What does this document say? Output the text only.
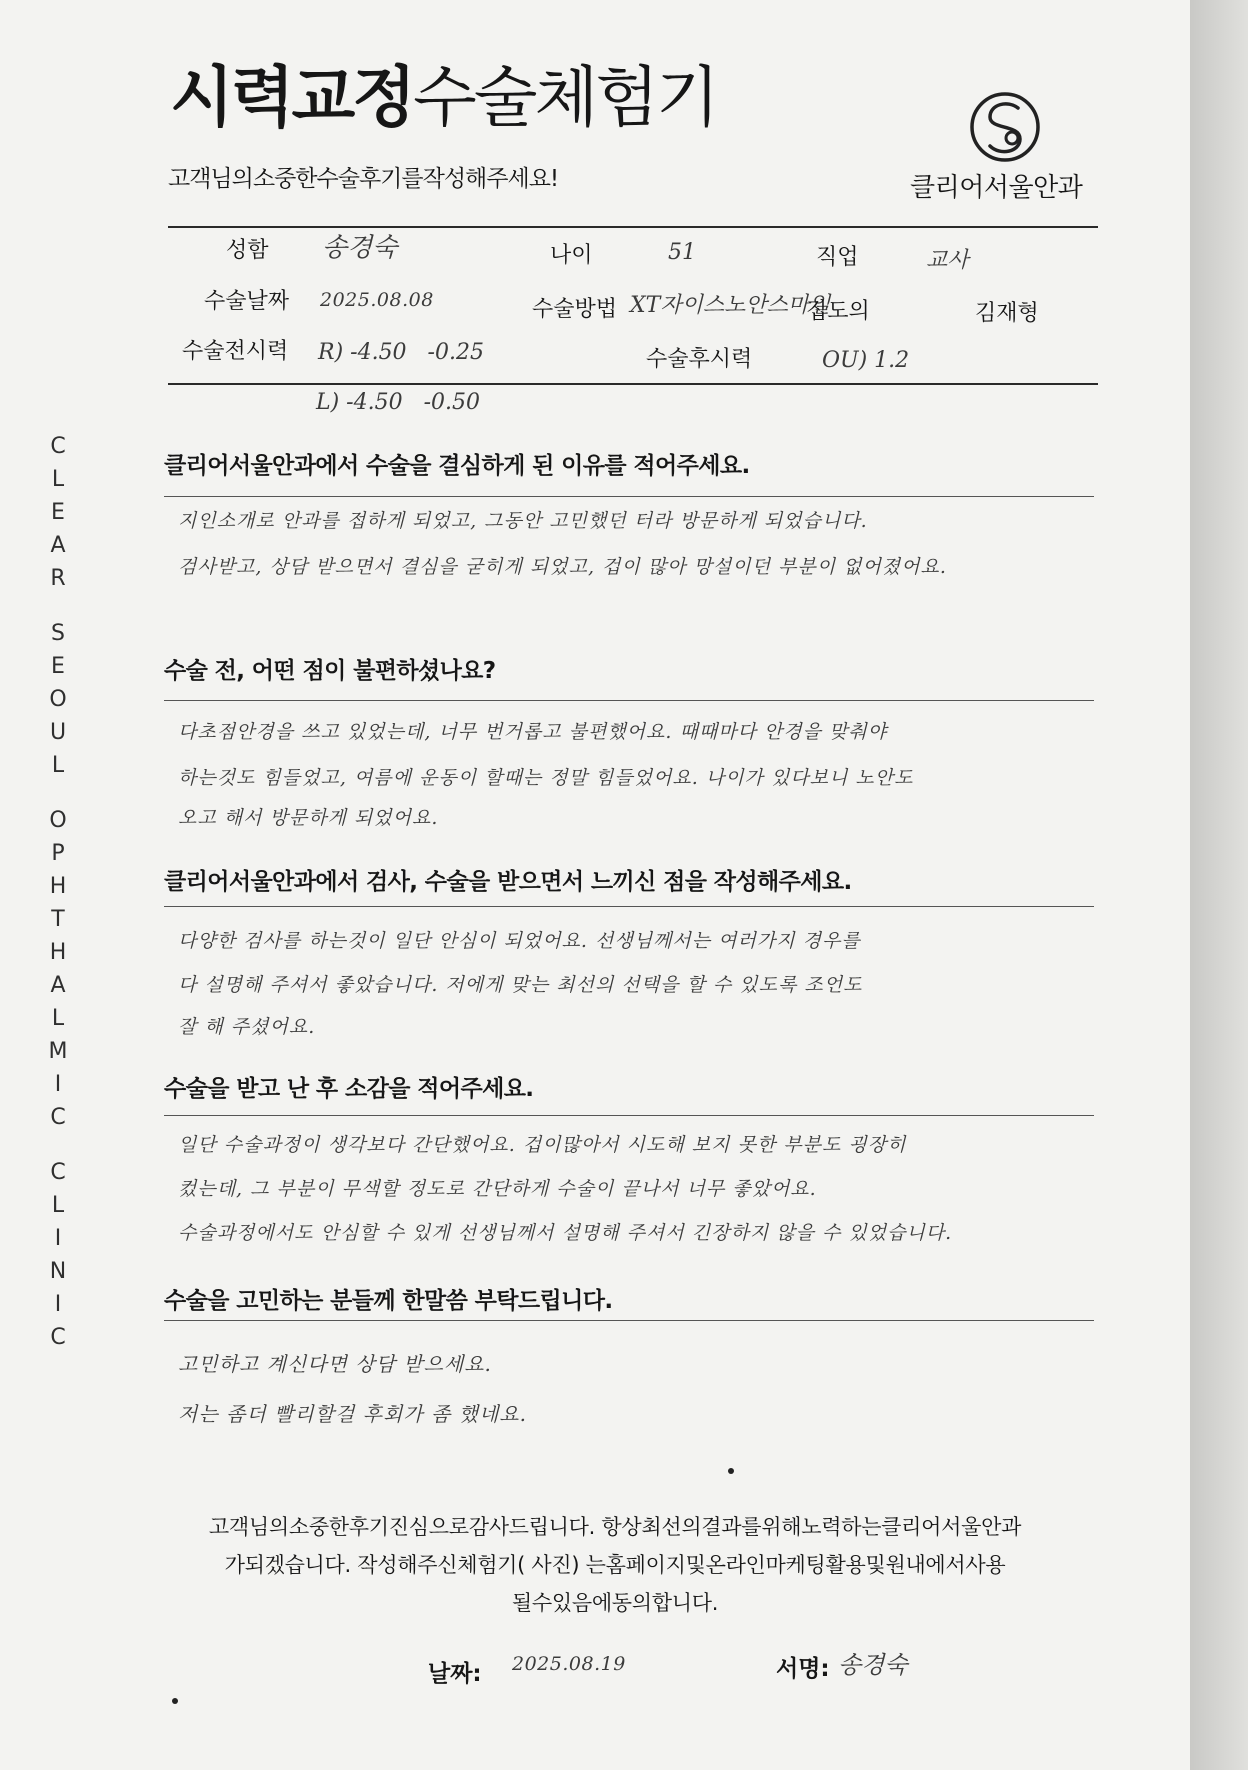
시력교정수술체험기
고객님의소중한수술후기를작성해주세요!	클리어서울안과
C
L
E
A
R
S
E
O
U
L
O
P
H
T
H
A
L
M
I
C
C
L
I
N
I
C
성함 송경숙	나이	51	직업	교사
수술날짜 2025.08.08	수술방법 XT자이스노안스마일
집도의	김재형
수술전시력 R) -4.50   -0.25	수술후시력	OU) 1.2
L) -4.50   -0.50
클리어서울안과에서 수술을 결심하게 된 이유를 적어주세요.
지인소개로 안과를 접하게 되었고, 그동안 고민했던 터라 방문하게 되었습니다.
검사받고, 상담 받으면서 결심을 굳히게 되었고, 겁이 많아 망설이던 부분이 없어졌어요.
수술 전, 어떤 점이 불편하셨나요?
다초점안경을 쓰고 있었는데, 너무 번거롭고 불편했어요. 때때마다 안경을 맞춰야
하는것도 힘들었고, 여름에 운동이 할때는 정말 힘들었어요. 나이가 있다보니 노안도
오고 해서 방문하게 되었어요.
클리어서울안과에서 검사, 수술을 받으면서 느끼신 점을 작성해주세요.
다양한 검사를 하는것이 일단 안심이 되었어요. 선생님께서는 여러가지 경우를
다 설명해 주셔서 좋았습니다. 저에게 맞는 최선의 선택을 할 수 있도록 조언도
잘 해 주셨어요.
수술을 받고 난 후 소감을 적어주세요.
일단 수술과정이 생각보다 간단했어요. 겁이많아서 시도해 보지 못한 부분도 굉장히
컸는데, 그 부분이 무색할 정도로 간단하게 수술이 끝나서 너무 좋았어요.
수술과정에서도 안심할 수 있게 선생님께서 설명해 주셔서 긴장하지 않을 수 있었습니다.
수술을 고민하는 분들께 한말씀 부탁드립니다.
고민하고 계신다면 상담 받으세요.
저는 좀더 빨리할걸 후회가 좀 했네요.
고객님의소중한후기진심으로감사드립니다. 항상최선의결과를위해노력하는클리어서울안과
가되겠습니다. 작성해주신체험기( 사진) 는홈페이지및온라인마케팅활용및원내에서사용
될수있음에동의합니다.
날짜: 2025.08.19	서명: 송경숙
